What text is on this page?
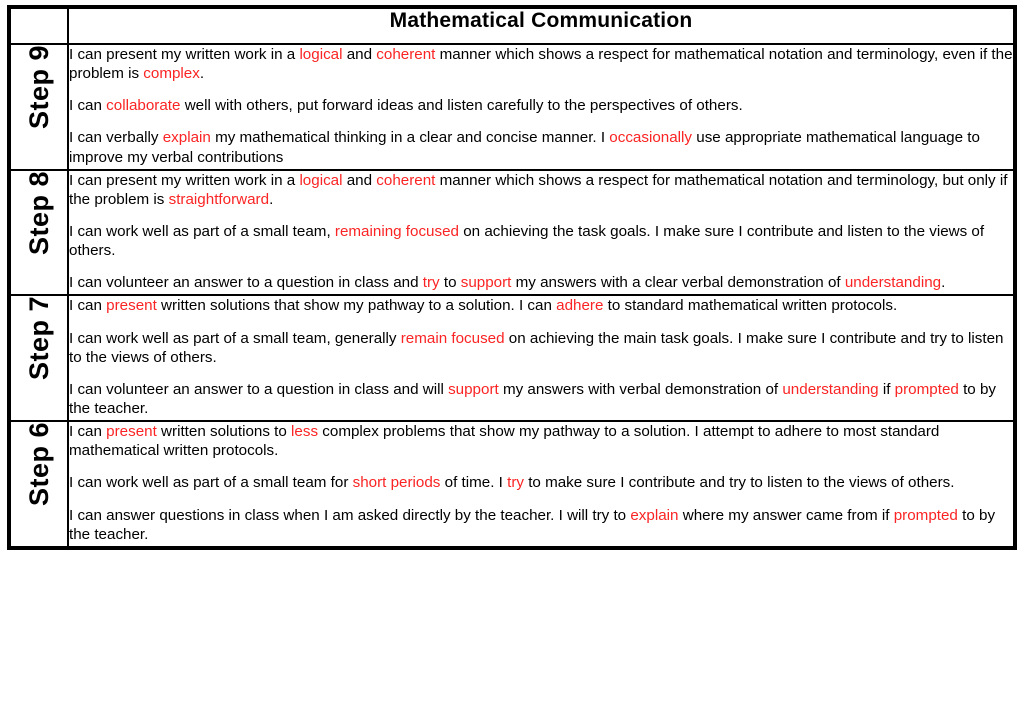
	Mathematical Communication
Step 9	I can present my written work in a logical and coherent manner which shows a respect for mathematical notation and terminology, even if the problem is complex.

I can collaborate well with others, put forward ideas and listen carefully to the perspectives of others.

I can verbally explain my mathematical thinking in a clear and concise manner. I occasionally use appropriate mathematical language to improve my verbal contributions

Step 8	I can present my written work in a logical and coherent manner which shows a respect for mathematical notation and terminology, but only if the problem is straightforward.

I can work well as part of a small team, remaining focused on achieving the task goals. I make sure I contribute and listen to the views of others.

I can volunteer an answer to a question in class and try to support my answers with a clear verbal demonstration of understanding.

Step 7	I can present written solutions that show my pathway to a solution. I can adhere to standard mathematical written protocols.

I can work well as part of a small team, generally remain focused on achieving the main task goals. I make sure I contribute and try to listen to the views of others.

I can volunteer an answer to a question in class and will support my answers with verbal demonstration of understanding if prompted to by the teacher.

Step 6	I can present written solutions to less complex problems that show my pathway to a solution. I attempt to adhere to most standard mathematical written protocols.

I can work well as part of a small team for short periods of time. I try to make sure I contribute and try to listen to the views of others.

I can answer questions in class when I am asked directly by the teacher. I will try to explain where my answer came from if prompted to by the teacher.
